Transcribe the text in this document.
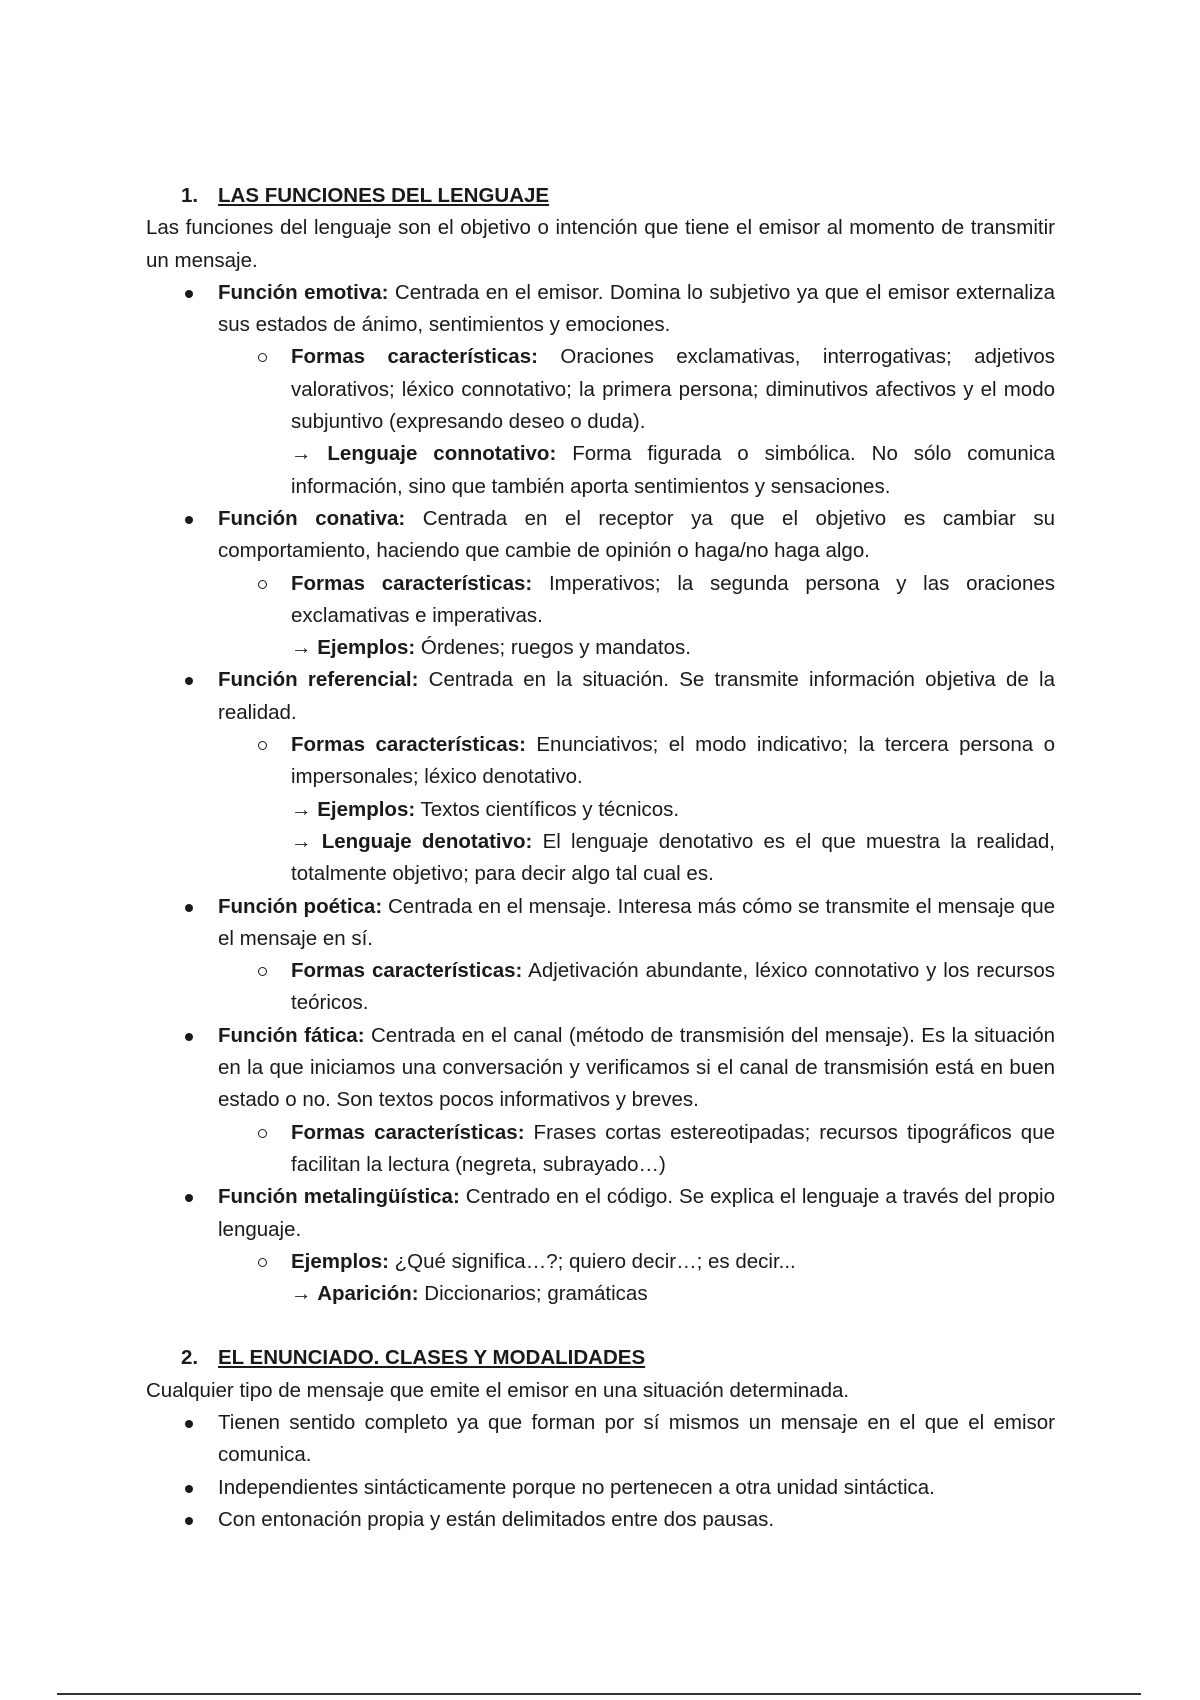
1. LAS FUNCIONES DEL LENGUAJE

Las funciones del lenguaje son el objetivo o intención que tiene el emisor al momento de transmitir un mensaje.

Función emotiva: Centrada en el emisor. Domina lo subjetivo ya que el emisor externaliza sus estados de ánimo, sentimientos y emociones.
Formas características: Oraciones exclamativas, interrogativas; adjetivos valorativos; léxico connotativo; la primera persona; diminutivos afectivos y el modo subjuntivo (expresando deseo o duda).
→ Lenguaje connotativo: Forma figurada o simbólica. No sólo comunica información, sino que también aporta sentimientos y sensaciones.
Función conativa: Centrada en el receptor ya que el objetivo es cambiar su comportamiento, haciendo que cambie de opinión o haga/no haga algo.
Formas características: Imperativos; la segunda persona y las oraciones exclamativas e imperativas.
→ Ejemplos: Órdenes; ruegos y mandatos.
Función referencial: Centrada en la situación. Se transmite información objetiva de la realidad.
Formas características: Enunciativos; el modo indicativo; la tercera persona o impersonales; léxico denotativo.
→ Ejemplos: Textos científicos y técnicos.
→ Lenguaje denotativo: El lenguaje denotativo es el que muestra la realidad, totalmente objetivo; para decir algo tal cual es.
Función poética: Centrada en el mensaje. Interesa más cómo se transmite el mensaje que el mensaje en sí.
Formas características: Adjetivación abundante, léxico connotativo y los recursos teóricos.
Función fática: Centrada en el canal (método de transmisión del mensaje). Es la situación en la que iniciamos una conversación y verificamos si el canal de transmisión está en buen estado o no. Son textos pocos informativos y breves.
Formas características: Frases cortas estereotipadas; recursos tipográficos que facilitan la lectura (negreta, subrayado…)
Función metalingüística: Centrado en el código. Se explica el lenguaje a través del propio lenguaje.
Ejemplos: ¿Qué significa…?; quiero decir…; es decir...
→ Aparición: Diccionarios; gramáticas

2. EL ENUNCIADO. CLASES Y MODALIDADES

Cualquier tipo de mensaje que emite el emisor en una situación determinada.

Tienen sentido completo ya que forman por sí mismos un mensaje en el que el emisor comunica.
Independientes sintácticamente porque no pertenecen a otra unidad sintáctica.
Con entonación propia y están delimitados entre dos pausas.
